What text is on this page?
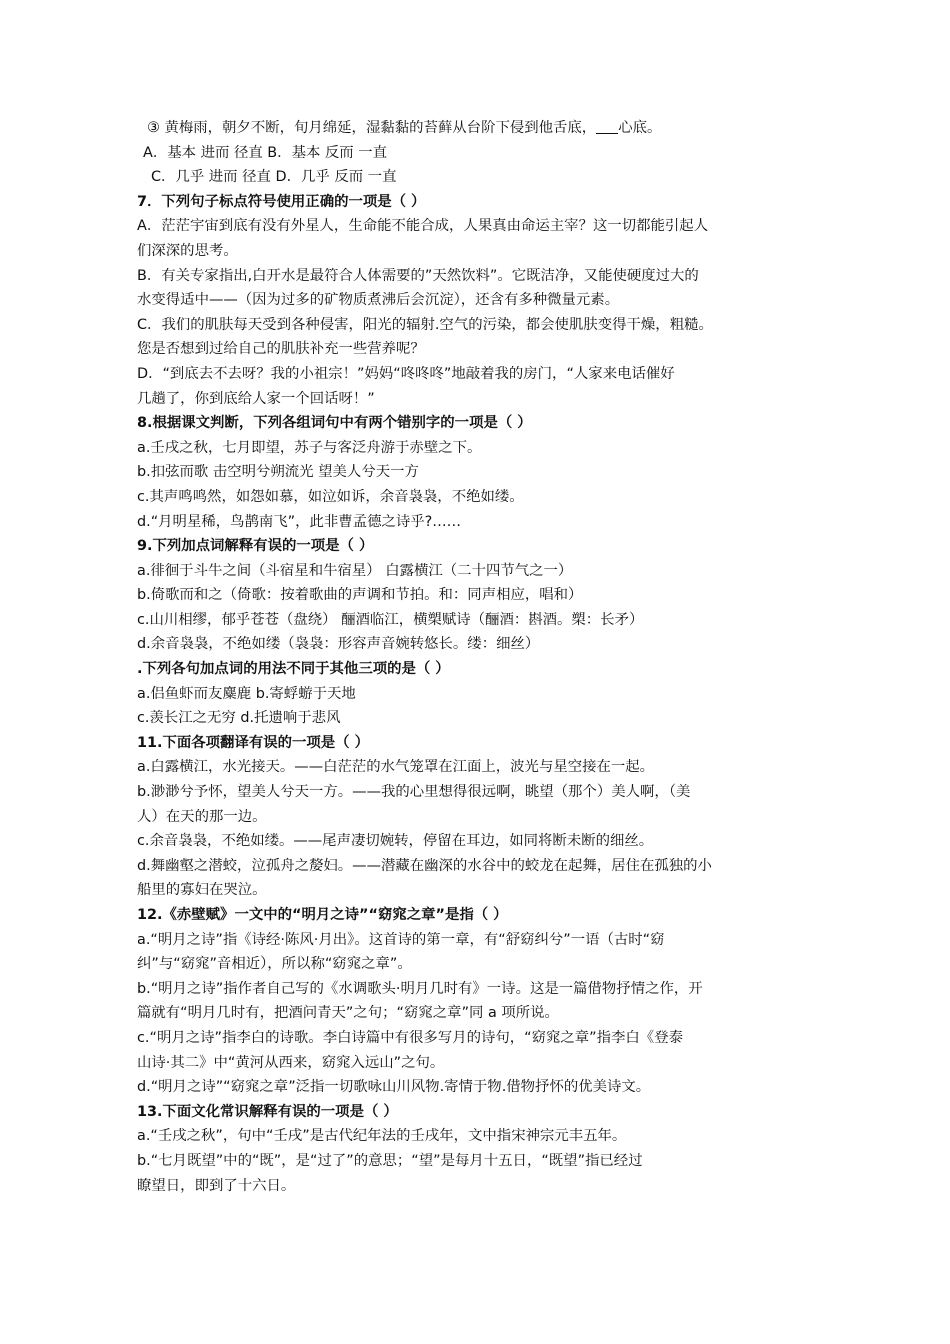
③ 黄梅雨，朝夕不断，旬月绵延，湿黏黏的苔藓从台阶下侵到他舌底， 心底。
A．基本 进而 径直 B．基本 反而 一直
C．几乎 进而 径直 D．几乎 反而 一直
7．下列句子标点符号使用正确的一项是（ ）
A．茫茫宇宙到底有没有外星人，生命能不能合成，人果真由命运主宰？这一切都能引起人
们深深的思考。
B．有关专家指出,白开水是最符合人体需要的”天然饮料”。它既洁净，又能使硬度过大的
水变得适中——（因为过多的矿物质煮沸后会沉淀），还含有多种微量元素。
C．我们的肌肤每天受到各种侵害，阳光的辐射.空气的污染，都会使肌肤变得干燥，粗糙。
您是否想到过给自己的肌肤补充一些营养呢？
D．“到底去不去呀？我的小祖宗！”妈妈“咚咚咚”地敲着我的房门，“人家来电话催好
几趟了，你到底给人家一个回话呀！”
8.根据课文判断，下列各组词句中有两个错别字的一项是（ ）
a.壬戌之秋，七月即望，苏子与客泛舟游于赤壁之下。
b.扣弦而歌 击空明兮朔流光 望美人兮天一方
c.其声鸣鸣然，如怨如慕，如泣如诉，余音袅袅，不绝如缕。
d.“月明星稀，鸟鹊南飞”，此非曹孟德之诗乎?……
9.下列加点词解释有误的一项是（ ）
a.徘徊于斗牛之间（斗宿星和牛宿星） 白露横江（二十四节气之一）
b.倚歌而和之（倚歌：按着歌曲的声调和节拍。和：同声相应，唱和）
c.山川相缪，郁乎苍苍（盘绕） 酾酒临江，横槊赋诗（酾酒：斟酒。槊：长矛）
d.余音袅袅，不绝如缕（袅袅：形容声音婉转悠长。缕：细丝）
.下列各句加点词的用法不同于其他三项的是（ ）
a.侣鱼虾而友麋鹿 b.寄蜉蝣于天地
c.羡长江之无穷 d.托遗响于悲风
11.下面各项翻译有误的一项是（ ）
a.白露横江，水光接天。——白茫茫的水气笼罩在江面上，波光与星空接在一起。
b.渺渺兮予怀，望美人兮天一方。——我的心里想得很远啊，眺望（那个）美人啊，（美
人）在天的那一边。
c.余音袅袅，不绝如缕。——尾声凄切婉转，停留在耳边，如同将断未断的细丝。
d.舞幽壑之潜蛟，泣孤舟之嫠妇。——潜藏在幽深的水谷中的蛟龙在起舞，居住在孤独的小
船里的寡妇在哭泣。
12.《赤壁赋》一文中的“明月之诗”“窈窕之章”是指（ ）
a.“明月之诗”指《诗经·陈风·月出》。这首诗的第一章，有“舒窈纠兮”一语（古时“窈
纠”与“窈窕”音相近），所以称“窈窕之章”。
b.“明月之诗”指作者自己写的《水调歌头·明月几时有》一诗。这是一篇借物抒情之作，开
篇就有“明月几时有，把酒问青天”之句；“窈窕之章”同 a 项所说。
c.“明月之诗”指李白的诗歌。李白诗篇中有很多写月的诗句，“窈窕之章”指李白《登泰
山诗·其二》中“黄河从西来，窈窕入远山”之句。
d.“明月之诗”“窈窕之章”泛指一切歌咏山川风物.寄情于物.借物抒怀的优美诗文。
13.下面文化常识解释有误的一项是（ ）
a.“壬戌之秋”，句中“壬戌”是古代纪年法的壬戌年，文中指宋神宗元丰五年。
b.“七月既望”中的“既”，是“过了”的意思；“望”是每月十五日，“既望”指已经过
瞭望日，即到了十六日。
